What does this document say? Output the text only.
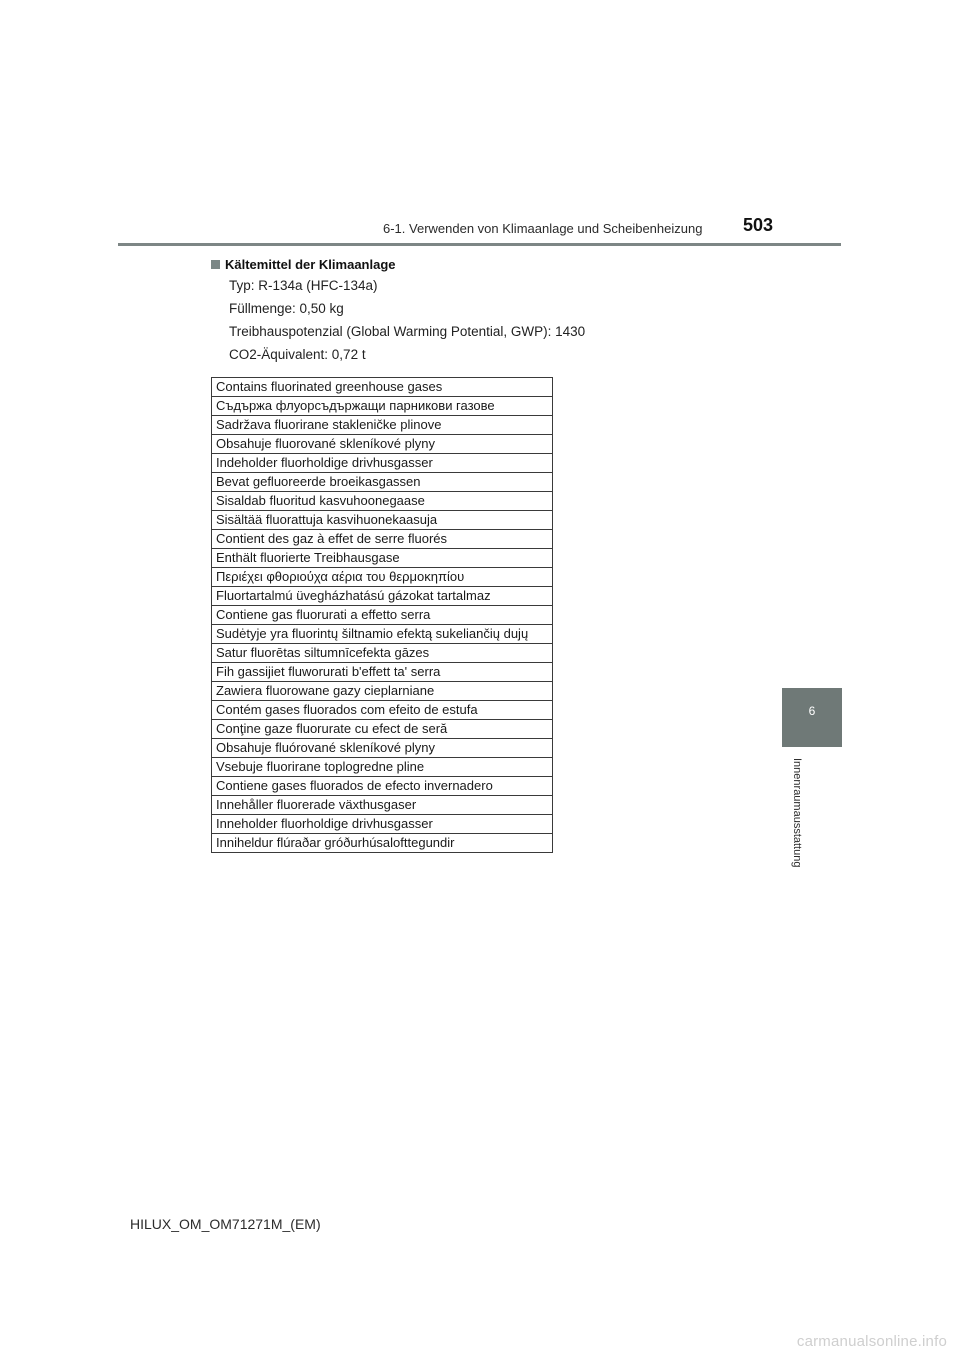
6-1. Verwenden von Klimaanlage und Scheibenheizung 503
6
Innenraumausstattung
Kältemittel der Klimaanlage
Typ: R-134a (HFC-134a)
Füllmenge: 0,50 kg
Treibhauspotenzial (Global Warming Potential, GWP): 1430
CO2-Äquivalent: 0,72 t
Contains fluorinated greenhouse gases
Съдържа флуорсъдържащи парникови газове
Sadržava fluorirane stakleničke plinove
Obsahuje fluorované skleníkové plyny
Indeholder fluorholdige drivhusgasser
Bevat gefluoreerde broeikasgassen
Sisaldab fluoritud kasvuhoonegaase
Sisältää fluorattuja kasvihuonekaasuja
Contient des gaz à effet de serre fluorés
Enthält fluorierte Treibhausgase
Περιέχει φθοριούχα αέρια του θερμοκηπίου
Fluortartalmú üvegházhatású gázokat tartalmaz
Contiene gas fluorurati a effetto serra
Sudėtyje yra fluorintų šiltnamio efektą sukeliančių dujų
Satur fluorētas siltumnīcefekta gāzes
Fih gassijiet fluworurati b'effett ta' serra
Zawiera fluorowane gazy cieplarniane
Contém gases fluorados com efeito de estufa
Conţine gaze fluorurate cu efect de seră
Obsahuje fluórované skleníkové plyny
Vsebuje fluorirane toplogredne pline
Contiene gases fluorados de efecto invernadero
Innehåller fluorerade växthusgaser
Inneholder fluorholdige drivhusgasser
Inniheldur flúraðar gróðurhúsalofttegundir
HILUX_OM_OM71271M_(EM)
carmanualsonline.info
